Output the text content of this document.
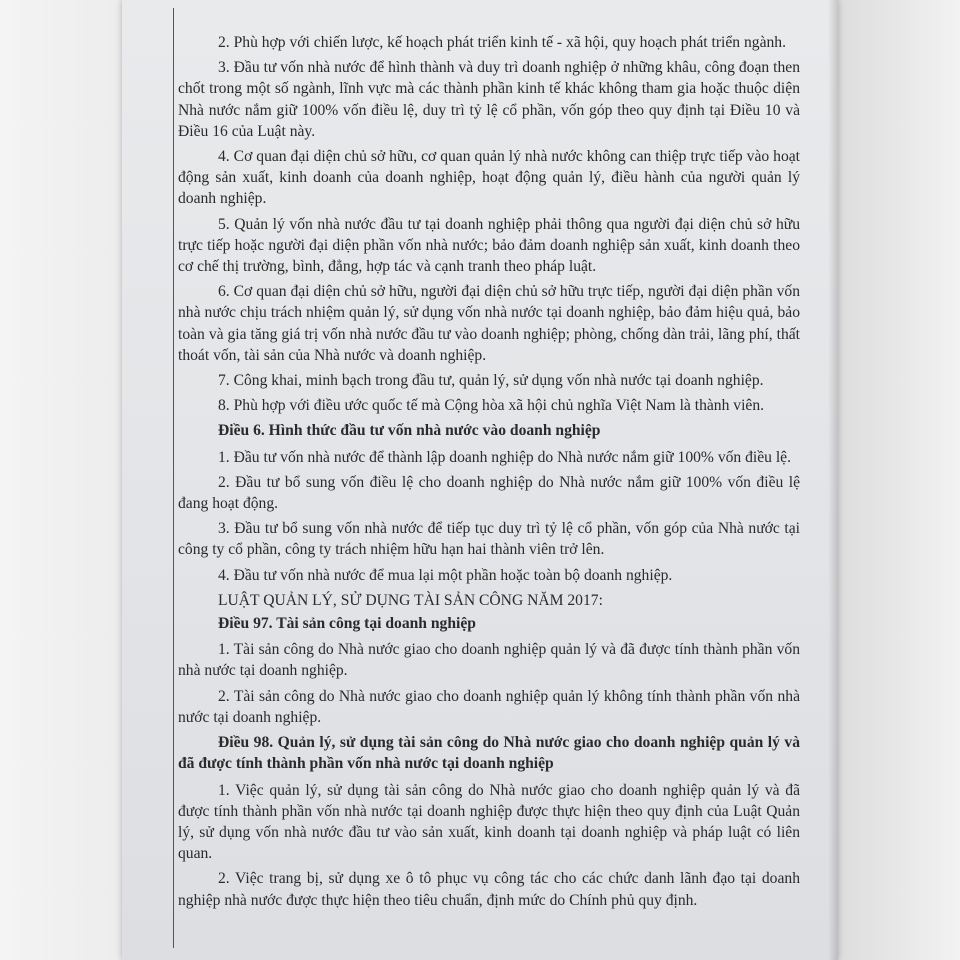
2. Phù hợp với chiến lược, kế hoạch phát triển kinh tế - xã hội, quy hoạch phát triển ngành.

3. Đầu tư vốn nhà nước để hình thành và duy trì doanh nghiệp ở những khâu, công đoạn then chốt trong một số ngành, lĩnh vực mà các thành phần kinh tế khác không tham gia hoặc thuộc diện Nhà nước nắm giữ 100% vốn điều lệ, duy trì tỷ lệ cổ phần, vốn góp theo quy định tại Điều 10 và Điều 16 của Luật này.

4. Cơ quan đại diện chủ sở hữu, cơ quan quản lý nhà nước không can thiệp trực tiếp vào hoạt động sản xuất, kinh doanh của doanh nghiệp, hoạt động quản lý, điều hành của người quản lý doanh nghiệp.

5. Quản lý vốn nhà nước đầu tư tại doanh nghiệp phải thông qua người đại diện chủ sở hữu trực tiếp hoặc người đại diện phần vốn nhà nước; bảo đảm doanh nghiệp sản xuất, kinh doanh theo cơ chế thị trường, bình, đẳng, hợp tác và cạnh tranh theo pháp luật.

6. Cơ quan đại diện chủ sở hữu, người đại diện chủ sở hữu trực tiếp, người đại diện phần vốn nhà nước chịu trách nhiệm quản lý, sử dụng vốn nhà nước tại doanh nghiệp, bảo đảm hiệu quả, bảo toàn và gia tăng giá trị vốn nhà nước đầu tư vào doanh nghiệp; phòng, chống dàn trải, lãng phí, thất thoát vốn, tài sản của Nhà nước và doanh nghiệp.

7. Công khai, minh bạch trong đầu tư, quản lý, sử dụng vốn nhà nước tại doanh nghiệp.

8. Phù hợp với điều ước quốc tế mà Cộng hòa xã hội chủ nghĩa Việt Nam là thành viên.

Điều 6. Hình thức đầu tư vốn nhà nước vào doanh nghiệp

1. Đầu tư vốn nhà nước để thành lập doanh nghiệp do Nhà nước nắm giữ 100% vốn điều lệ.

2. Đầu tư bổ sung vốn điều lệ cho doanh nghiệp do Nhà nước nắm giữ 100% vốn điều lệ đang hoạt động.

3. Đầu tư bổ sung vốn nhà nước để tiếp tục duy trì tỷ lệ cổ phần, vốn góp của Nhà nước tại công ty cổ phần, công ty trách nhiệm hữu hạn hai thành viên trở lên.

4. Đầu tư vốn nhà nước để mua lại một phần hoặc toàn bộ doanh nghiệp.

LUẬT QUẢN LÝ, SỬ DỤNG TÀI SẢN CÔNG NĂM 2017:

Điều 97. Tài sản công tại doanh nghiệp

1. Tài sản công do Nhà nước giao cho doanh nghiệp quản lý và đã được tính thành phần vốn nhà nước tại doanh nghiệp.

2. Tài sản công do Nhà nước giao cho doanh nghiệp quản lý không tính thành phần vốn nhà nước tại doanh nghiệp.

Điều 98. Quản lý, sử dụng tài sản công do Nhà nước giao cho doanh nghiệp quản lý và đã được tính thành phần vốn nhà nước tại doanh nghiệp

1. Việc quản lý, sử dụng tài sản công do Nhà nước giao cho doanh nghiệp quản lý và đã được tính thành phần vốn nhà nước tại doanh nghiệp được thực hiện theo quy định của Luật Quản lý, sử dụng vốn nhà nước đầu tư vào sản xuất, kinh doanh tại doanh nghiệp và pháp luật có liên quan.

2. Việc trang bị, sử dụng xe ô tô phục vụ công tác cho các chức danh lãnh đạo tại doanh nghiệp nhà nước được thực hiện theo tiêu chuẩn, định mức do Chính phủ quy định.
